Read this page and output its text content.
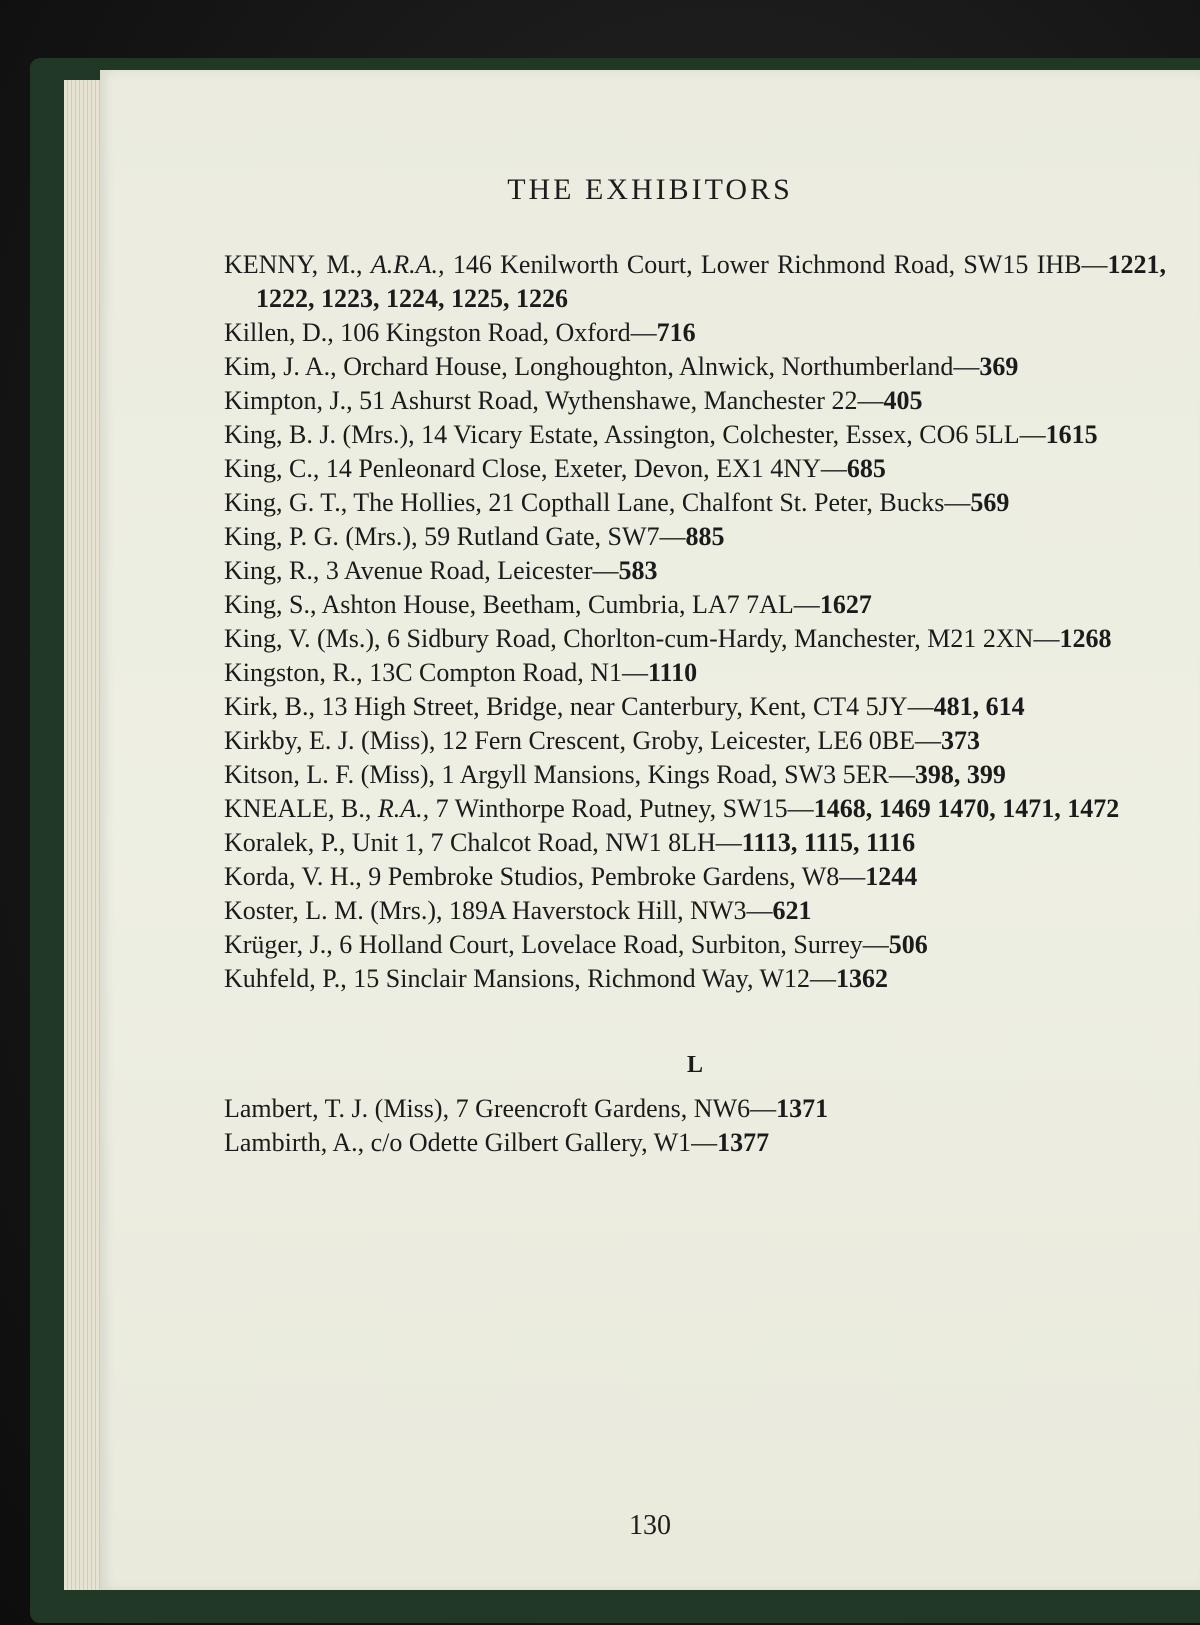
THE EXHIBITORS
KENNY, M., A.R.A., 146 Kenilworth Court, Lower Richmond Road, SW15 IHB—1221, 1222, 1223, 1224, 1225, 1226
Killen, D., 106 Kingston Road, Oxford—716
Kim, J. A., Orchard House, Longhoughton, Alnwick, Northumberland—369
Kimpton, J., 51 Ashurst Road, Wythenshawe, Manchester 22—405
King, B. J. (Mrs.), 14 Vicary Estate, Assington, Colchester, Essex, CO6 5LL—1615
King, C., 14 Penleonard Close, Exeter, Devon, EX1 4NY—685
King, G. T., The Hollies, 21 Copthall Lane, Chalfont St. Peter, Bucks—569
King, P. G. (Mrs.), 59 Rutland Gate, SW7—885
King, R., 3 Avenue Road, Leicester—583
King, S., Ashton House, Beetham, Cumbria, LA7 7AL—1627
King, V. (Ms.), 6 Sidbury Road, Chorlton-cum-Hardy, Manchester, M21 2XN—1268
Kingston, R., 13C Compton Road, N1—1110
Kirk, B., 13 High Street, Bridge, near Canterbury, Kent, CT4 5JY—481, 614
Kirkby, E. J. (Miss), 12 Fern Crescent, Groby, Leicester, LE6 0BE—373
Kitson, L. F. (Miss), 1 Argyll Mansions, Kings Road, SW3 5ER—398, 399
KNEALE, B., R.A., 7 Winthorpe Road, Putney, SW15—1468, 1469 1470, 1471, 1472
Koralek, P., Unit 1, 7 Chalcot Road, NW1 8LH—1113, 1115, 1116
Korda, V. H., 9 Pembroke Studios, Pembroke Gardens, W8—1244
Koster, L. M. (Mrs.), 189A Haverstock Hill, NW3—621
Krüger, J., 6 Holland Court, Lovelace Road, Surbiton, Surrey—506
Kuhfeld, P., 15 Sinclair Mansions, Richmond Way, W12—1362
L
Lambert, T. J. (Miss), 7 Greencroft Gardens, NW6—1371
Lambirth, A., c/o Odette Gilbert Gallery, W1—1377
130
